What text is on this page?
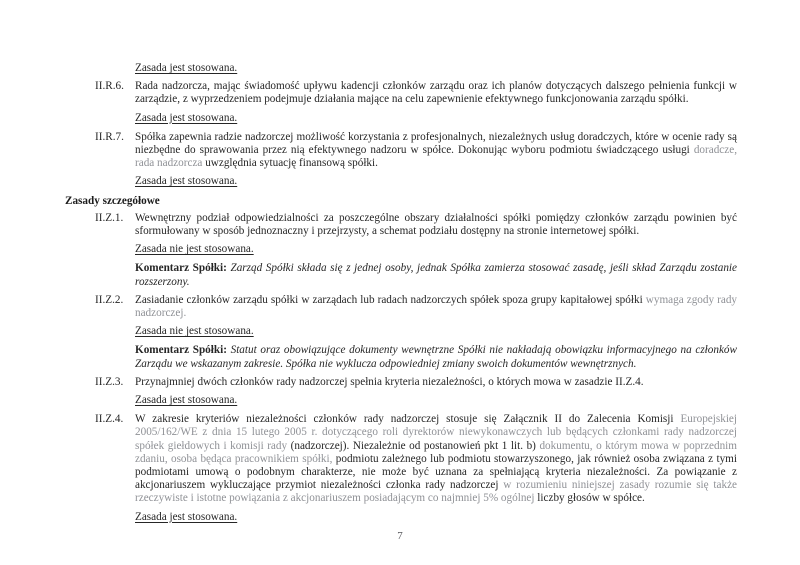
Zasada jest stosowana.

II.R.6. Rada nadzorcza, mając świadomość upływu kadencji członków zarządu oraz ich planów dotyczących dalszego pełnienia funkcji w zarządzie, z wyprzedzeniem podejmuje działania mające na celu zapewnienie efektywnego funkcjonowania zarządu spółki.

Zasada jest stosowana.

II.R.7. Spółka zapewnia radzie nadzorczej możliwość korzystania z profesjonalnych, niezależnych usług doradczych, które w ocenie rady są niezbędne do sprawowania przez nią efektywnego nadzoru w spółce. Dokonując wyboru podmiotu świadczącego usługi doradcze, rada nadzorcza uwzględnia sytuację finansową spółki.

Zasada jest stosowana.

Zasady szczegółowe

II.Z.1.	Wewnętrzny podział odpowiedzialności za poszczególne obszary działalności spółki pomiędzy członków zarządu powinien być sformułowany w sposób jednoznaczny i przejrzysty, a schemat podziału dostępny na stronie internetowej spółki.

Zasada nie jest stosowana.

Komentarz Spółki: Zarząd Spółki składa się z jednej osoby, jednak Spółka zamierza stosować zasadę, jeśli skład Zarządu zostanie rozszerzony.

II.Z.2.	Zasiadanie członków zarządu spółki w zarządach lub radach nadzorczych spółek spoza grupy kapitałowej spółki wymaga zgody rady nadzorczej.

Zasada nie jest stosowana.

Komentarz Spółki: Statut oraz obowiązujące dokumenty wewnętrzne Spółki nie nakładają obowiązku informacyjnego na członków Zarządu we wskazanym zakresie. Spółka nie wyklucza odpowiedniej zmiany swoich dokumentów wewnętrznych.

II.Z.3.	Przynajmniej dwóch członków rady nadzorczej spełnia kryteria niezależności, o których mowa w zasadzie II.Z.4.

Zasada jest stosowana.

II.Z.4.	W zakresie kryteriów niezależności członków rady nadzorczej stosuje się Załącznik II do Zalecenia Komisji Europejskiej 2005/162/WE z dnia 15 lutego 2005 r. dotyczącego roli dyrektorów niewykonawczych lub będących członkami rady nadzorczej spółek giełdowych i komisji rady (nadzorczej). Niezależnie od postanowień pkt 1 lit. b) dokumentu, o którym mowa w poprzednim zdaniu, osoba będąca pracownikiem spółki, podmiotu zależnego lub podmiotu stowarzyszonego, jak również osoba związana z tymi podmiotami umową o podobnym charakterze, nie może być uznana za spełniającą kryteria niezależności. Za powiązanie z akcjonariuszem wykluczające przymiot niezależności członka rady nadzorczej w rozumieniu niniejszej zasady rozumie się także rzeczywiste i istotne powiązania z akcjonariuszem posiadającym co najmniej 5% ogólnej liczby głosów w spółce.

Zasada jest stosowana.

7
